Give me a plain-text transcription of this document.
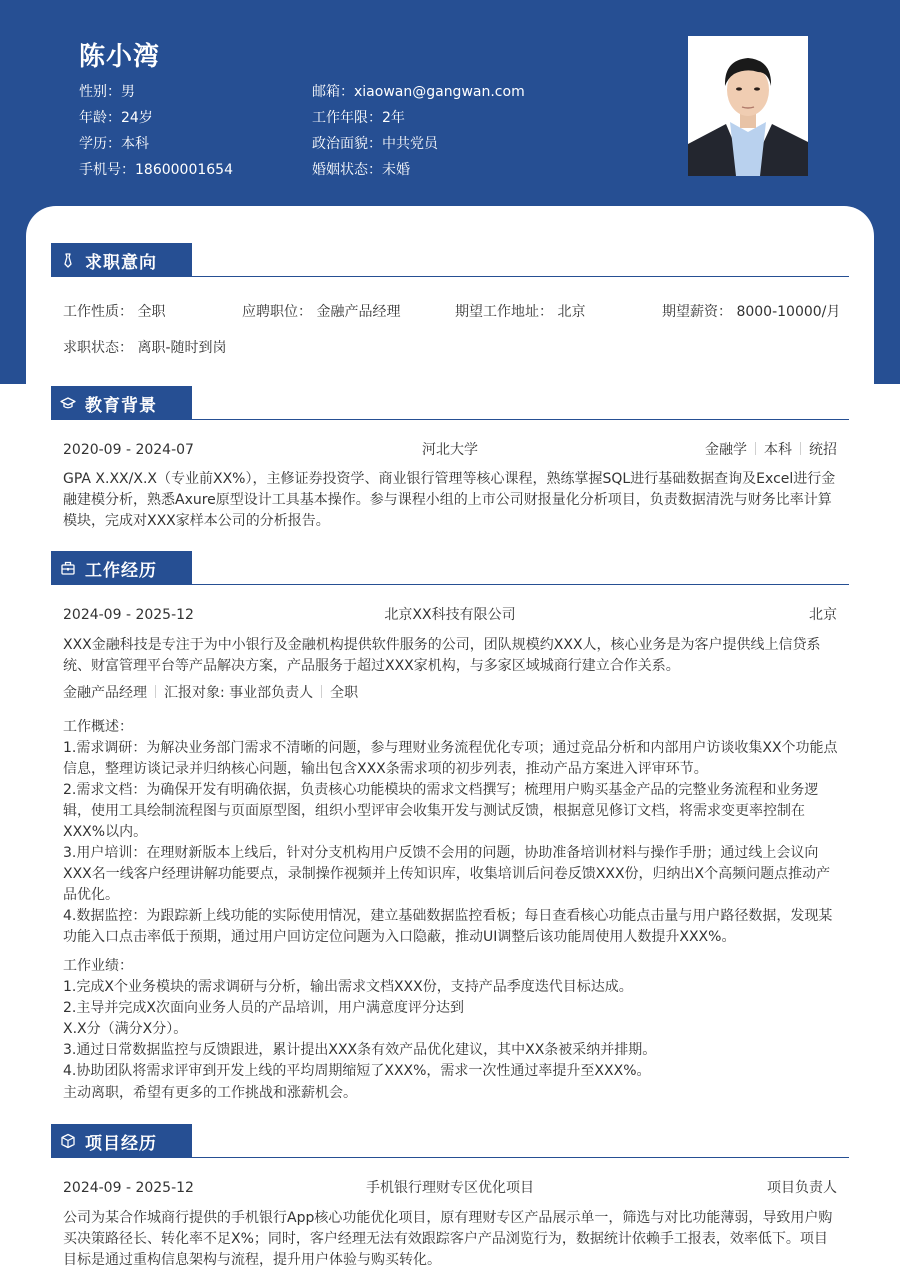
陈小湾
性别：男
年龄：24岁
学历：本科
手机号：18600001654
邮箱：xiaowan@gangwan.com
工作年限：2年
政治面貌：中共党员
婚姻状态：未婚
求职意向
工作性质： 全职	应聘职位： 金融产品经理	期望工作地址： 北京	期望薪资： 8000-10000/月
求职状态： 离职-随时到岗
教育背景
2020-09 - 2024-07	河北大学	金融学 本科 统招
GPA X.XX/X.X（专业前XX%），主修证券投资学、商业银行管理等核心课程，熟练掌握SQL进行基础数据查询及Excel进行金融建模分析，熟悉Axure原型设计工具基本操作。参与课程小组的上市公司财报量化分析项目，负责数据清洗与财务比率计算模块，完成对XXX家样本公司的分析报告。
工作经历
2024-09 - 2025-12	北京XX科技有限公司	北京
XXX金融科技是专注于为中小银行及金融机构提供软件服务的公司，团队规模约XXX人，核心业务是为客户提供线上信贷系统、财富管理平台等产品解决方案，产品服务于超过XXX家机构，与多家区域城商行建立合作关系。
金融产品经理 汇报对象: 事业部负责人 全职
工作概述：
1.需求调研：为解决业务部门需求不清晰的问题，参与理财业务流程优化专项；通过竞品分析和内部用户访谈收集XX个功能点信息，整理访谈记录并归纳核心问题，输出包含XXX条需求项的初步列表，推动产品方案进入评审环节。
2.需求文档：为确保开发有明确依据，负责核心功能模块的需求文档撰写；梳理用户购买基金产品的完整业务流程和业务逻辑，使用工具绘制流程图与页面原型图，组织小型评审会收集开发与测试反馈，根据意见修订文档，将需求变更率控制在XXX%以内。
3.用户培训：在理财新版本上线后，针对分支机构用户反馈不会用的问题，协助准备培训材料与操作手册；通过线上会议向XXX名一线客户经理讲解功能要点，录制操作视频并上传知识库，收集培训后问卷反馈XXX份，归纳出X个高频问题点推动产品优化。
4.数据监控：为跟踪新上线功能的实际使用情况，建立基础数据监控看板；每日查看核心功能点击量与用户路径数据，发现某功能入口点击率低于预期，通过用户回访定位问题为入口隐蔽，推动UI调整后该功能周使用人数提升XXX%。
工作业绩：
1.完成X个业务模块的需求调研与分析，输出需求文档XXX份，支持产品季度迭代目标达成。
2.主导并完成X次面向业务人员的产品培训，用户满意度评分达到
X.X分（满分X分）。
3.通过日常数据监控与反馈跟进，累计提出XXX条有效产品优化建议，其中XX条被采纳并排期。
4.协助团队将需求评审到开发上线的平均周期缩短了XXX%，需求一次性通过率提升至XXX%。
主动离职，希望有更多的工作挑战和涨薪机会。
项目经历
2024-09 - 2025-12	手机银行理财专区优化项目	项目负责人
公司为某合作城商行提供的手机银行App核心功能优化项目，原有理财专区产品展示单一，筛选与对比功能薄弱，导致用户购买决策路径长、转化率不足X%；同时，客户经理无法有效跟踪客户产品浏览行为，数据统计依赖手工报表，效率低下。项目目标是通过重构信息架构与流程，提升用户体验与购买转化。
